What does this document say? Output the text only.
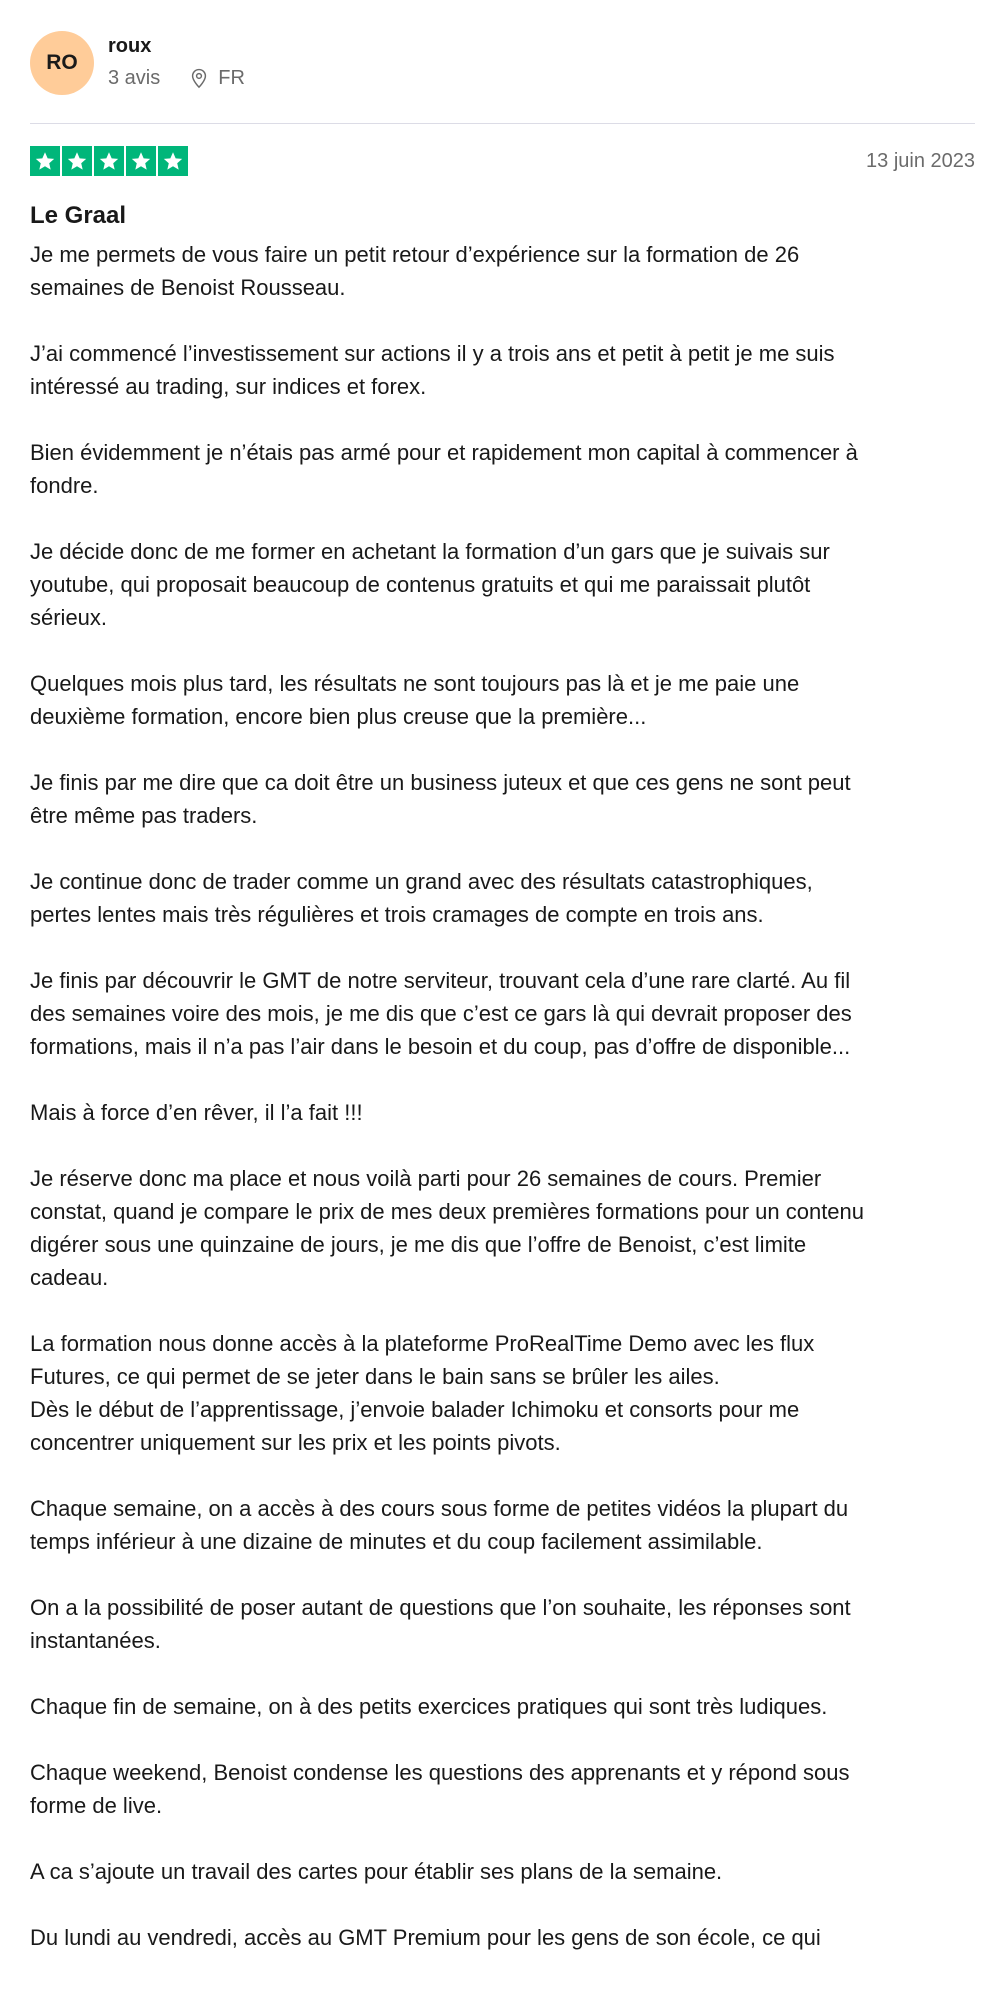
RO
roux
3 avis	FR
13 juin 2023
Le Graal
Je me permets de vous faire un petit retour d’expérience sur la formation de 26
semaines de Benoist Rousseau.

J’ai commencé l’investissement sur actions il y a trois ans et petit à petit je me suis
intéressé au trading, sur indices et forex.

Bien évidemment je n’étais pas armé pour et rapidement mon capital à commencer à
fondre.

Je décide donc de me former en achetant la formation d’un gars que je suivais sur
youtube, qui proposait beaucoup de contenus gratuits et qui me paraissait plutôt
sérieux.

Quelques mois plus tard, les résultats ne sont toujours pas là et je me paie une
deuxième formation, encore bien plus creuse que la première...

Je finis par me dire que ca doit être un business juteux et que ces gens ne sont peut
être même pas traders.

Je continue donc de trader comme un grand avec des résultats catastrophiques,
pertes lentes mais très régulières et trois cramages de compte en trois ans.

Je finis par découvrir le GMT de notre serviteur, trouvant cela d’une rare clarté. Au fil
des semaines voire des mois, je me dis que c’est ce gars là qui devrait proposer des
formations, mais il n’a pas l’air dans le besoin et du coup, pas d’offre de disponible...

Mais à force d’en rêver, il l’a fait !!!

Je réserve donc ma place et nous voilà parti pour 26 semaines de cours. Premier
constat, quand je compare le prix de mes deux premières formations pour un contenu
digérer sous une quinzaine de jours, je me dis que l’offre de Benoist, c’est limite
cadeau.

La formation nous donne accès à la plateforme ProRealTime Demo avec les flux
Futures, ce qui permet de se jeter dans le bain sans se brûler les ailes.
Dès le début de l’apprentissage, j’envoie balader Ichimoku et consorts pour me
concentrer uniquement sur les prix et les points pivots.

Chaque semaine, on a accès à des cours sous forme de petites vidéos la plupart du
temps inférieur à une dizaine de minutes et du coup facilement assimilable.

On a la possibilité de poser autant de questions que l’on souhaite, les réponses sont
instantanées.

Chaque fin de semaine, on à des petits exercices pratiques qui sont très ludiques.

Chaque weekend, Benoist condense les questions des apprenants et y répond sous
forme de live.

A ca s’ajoute un travail des cartes pour établir ses plans de la semaine.

Du lundi au vendredi, accès au GMT Premium pour les gens de son école, ce qui
